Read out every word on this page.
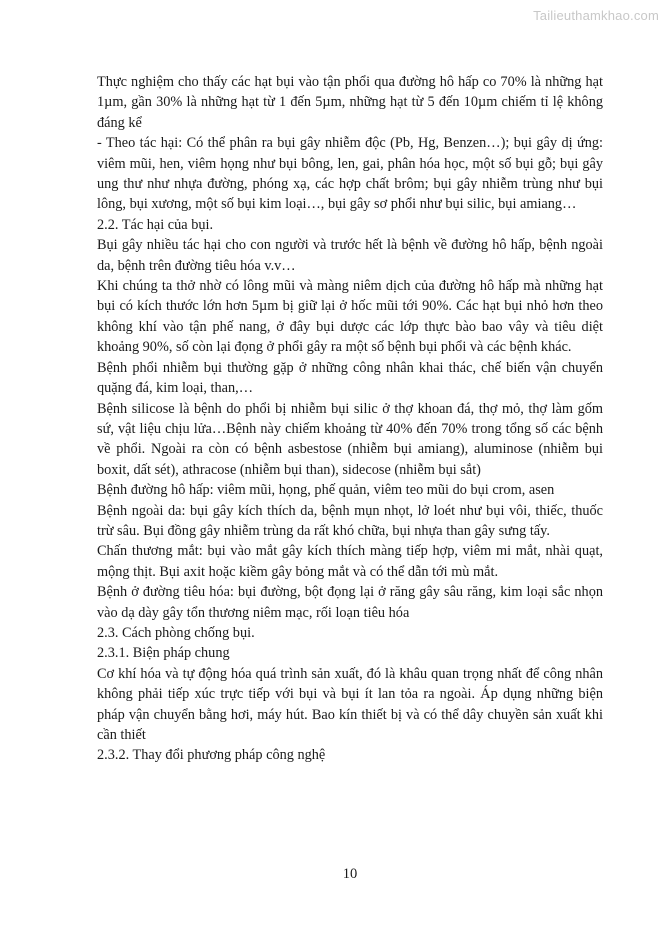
Tailieuthamkhao.com

Thực nghiệm cho thấy các hạt bụi vào tận phổi qua đường hô hấp co 70% là những hạt 1µm, gần 30% là những hạt từ 1 đến 5µm, những hạt từ 5 đến 10µm chiếm tỉ lệ không đáng kể

- Theo tác hại: Có thể phân ra bụi gây nhiễm độc (Pb, Hg, Benzen…); bụi gây dị ứng: viêm mũi, hen, viêm họng như bụi bông, len, gai, phân hóa học, một số bụi gỗ; bụi gây ung thư như nhựa đường, phóng xạ, các hợp chất brôm; bụi gây nhiễm trùng như bụi lông, bụi xương, một số bụi kim loại…, bụi gây sơ phổi như bụi silic, bụi amiang…

2.2. Tác hại của bụi.

Bụi gây nhiều tác hại cho con người và trước hết là bệnh về đường hô hấp, bệnh ngoài da, bệnh trên đường tiêu hóa v.v…

Khi chúng ta thở nhờ có lông mũi và màng niêm dịch của đường hô hấp mà những hạt bụi có kích thước lớn hơn 5µm bị giữ lại ở hốc mũi tới 90%. Các hạt bụi nhỏ hơn theo không khí vào tận phế nang, ở đây bụi dược các lớp thực bào bao vây và tiêu diệt khoảng 90%, số còn lại đọng ở phổi gây ra một số bệnh bụi phổi và các bệnh khác.

Bệnh phổi nhiễm bụi thường gặp ở những công nhân khai thác, chế biến vận chuyển quặng đá, kim loại, than,…

Bệnh silicose là bệnh do phổi bị nhiễm bụi silic ở thợ khoan đá, thợ mỏ, thợ làm gốm sứ, vật liệu chịu lửa…Bệnh này chiếm khoảng từ 40% đến 70% trong tổng số các bệnh về phổi. Ngoài ra còn có bệnh asbestose (nhiễm bụi amiang), aluminose (nhiễm bụi boxit, dất sét), athracose (nhiễm bụi than), sidecose (nhiễm bụi sắt)

Bệnh đường hô hấp: viêm mũi, họng, phế quản, viêm teo mũi do bụi crom, asen

Bệnh ngoài da: bụi gây kích thích da, bệnh mụn nhọt, lở loét như bụi vôi, thiếc, thuốc trừ sâu. Bụi đồng gây nhiễm trùng da rất khó chữa, bụi nhựa than gây sưng tấy.

Chấn thương mắt: bụi vào mắt gây kích thích màng tiếp hợp, viêm mi mắt, nhài quạt, mộng thịt. Bụi axit hoặc kiềm gây bỏng mắt và có thể dẫn tới mù mắt.

Bệnh ở đường tiêu hóa: bụi đường, bột đọng lại ở răng gây sâu răng, kim loại sắc nhọn vào dạ dày gây tổn thương niêm mạc, rối loạn tiêu hóa

2.3. Cách phòng chống bụi.

2.3.1. Biện pháp chung

Cơ khí hóa và tự động hóa quá trình sản xuất, đó là khâu quan trọng nhất để công nhân không phải tiếp xúc trực tiếp với bụi và bụi ít lan tỏa ra ngoài. Áp dụng những biện pháp vận chuyển bằng hơi, máy hút. Bao kín thiết bị và có thể dây chuyền sản xuất khi cần thiết

2.3.2. Thay đổi phương pháp công nghệ

10
